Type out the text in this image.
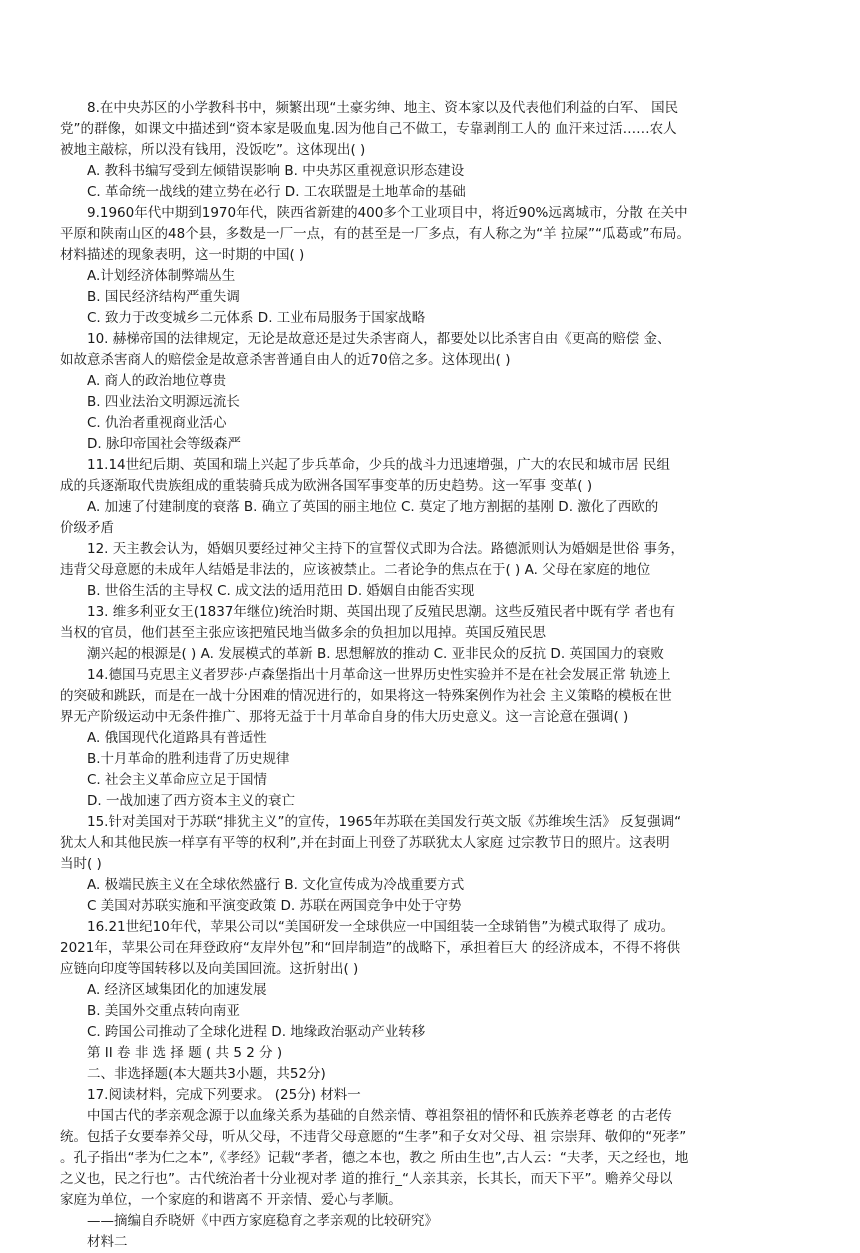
8.在中央苏区的小学教科书中，频繁出现“土豪劣绅、地主、资本家以及代表他们利益的白军、 国民
党”的群像，如课文中描述到“资本家是吸血鬼.因为他自己不做工，专靠剥削工人的 血汗来过活……农人
被地主敲棕，所以没有钱用，没饭吃”。这体现出( )
A. 教科书编写受到左倾错误影响 B. 中央苏区重视意识形态建设
C. 革命统一战线的建立势在必行 D. 工农联盟是土地革命的基础
9.1960年代中期到1970年代，陕西省新建的400多个工业项目中，将近90%远离城市，分散 在关中
平原和陕南山区的48个县，多数是一厂一点，有的甚至是一厂多点，有人称之为“羊 拉屎”“瓜葛或”布局。
材料描述的现象表明，这一时期的中国( )
A.计划经济体制弊端丛生
B. 国民经济结构严重失调
C. 致力于改变城乡二元体系 D. 工业布局服务于国家战略
10. 赫梯帝国的法律规定，无论是故意还是过失杀害商人，都要处以比杀害自由《更高的赔偿 金、
如故意杀害商人的赔偿金是故意杀害普通自由人的近70倍之多。这体现出( )
A. 商人的政治地位尊贵
B. 四业法治文明源远流长
C. 仇治者重视商业活心
D. 脉印帝国社会等级森严
11.14世纪后期、英国和瑞上兴起了步兵革命，少兵的战斗力迅速增强，广大的农民和城市居 民组
成的兵逐渐取代贵族组成的重装骑兵成为欧洲各国军事变革的历史趋势。这一军事 变革( )
A. 加速了付建制度的衰落 B. 确立了英国的丽主地位 C. 莫定了地方割据的基刚 D. 激化了西欧的
价级矛盾
12. 天主教会认为，婚姻贝要经过神父主持下的宣誓仪式即为合法。路德派则认为婚姻是世俗 事务，
违背父母意愿的未成年人结婚是非法的，应该被禁止。二者论争的焦点在于( ) A. 父母在家庭的地位
B. 世俗生活的主导权 C. 成文法的适用范田 D. 婚姻自由能否实现
13. 维多利亚女王(1837年继位)统治时期、英国出现了反殖民思潮。这些反殖民者中既有学 者也有
当权的官员，他们甚至主张应该把殖民地当做多余的负担加以甩掉。英国反殖民思
潮兴起的根源是( ) A. 发展模式的革新 B. 思想解放的推动 C. 亚非民众的反抗 D. 英国国力的衰败
14.德国马克思主义者罗莎·卢森堡指出十月革命这一世界历史性实验并不是在社会发展正常 轨迹上
的突破和跳跃，而是在一战十分困难的情况进行的，如果将这一特殊案例作为社会 主义策略的模板在世
界无产阶级运动中无条件推广、那将无益于十月革命自身的伟大历史意义。这一言论意在强调( )
A. 俄国现代化道路具有普适性
B.十月革命的胜利违背了历史规律
C. 社会主义革命应立足于国情
D. 一战加速了西方资本主义的衰亡
15.针对美国对于苏联“排犹主义”的宣传，1965年苏联在美国发行英文版《苏维埃生活》 反复强调“
犹太人和其他民族一样享有平等的权利”,并在封面上刊登了苏联犹太人家庭 过宗教节日的照片。这表明
当时( )
A. 极端民族主义在全球依然盛行 B. 文化宣传成为冷战重要方式
C 美国对苏联实施和平演变政策 D. 苏联在两国竞争中处于守势
16.21世纪10年代，苹果公司以“美国研发一全球供应一中国组装一全球销售”为模式取得了 成功。
2021年，苹果公司在拜登政府“友岸外包”和“回岸制造”的战略下，承担着巨大 的经济成本，不得不将供
应链向印度等国转移以及向美国回流。这折射出( )
A. 经济区域集团化的加速发展
B. 美国外交重点转向南亚
C. 跨国公司推动了全球化进程 D. 地缘政治驱动产业转移
第 II 卷 非 选 择 题 ( 共 5 2 分 )
二、非选择题(本大题共3小题，共52分)
17.阅读材料，完成下列要求。 (25分) 材料一
中国古代的孝亲观念源于以血缘关系为基础的自然亲情、尊祖祭祖的情怀和氏族养老尊老 的古老传
统。包括子女要奉养父母，听从父母，不违背父母意愿的“生孝”和子女对父母、祖 宗崇拜、敬仰的“死孝”
。孔子指出“孝为仁之本”,《孝经》记载“孝者，德之本也，教之 所由生也”,古人云：“夫孝，天之经也，地
之义也，民之行也”。古代统治者十分业视对孝 道的推行_“人亲其亲，长其长，而天下平”。赡养父母以
家庭为单位，一个家庭的和谐离不 开亲情、爱心与孝顺。
——摘编自乔晓妍《中西方家庭稳育之孝亲观的比较研究》
材料二
